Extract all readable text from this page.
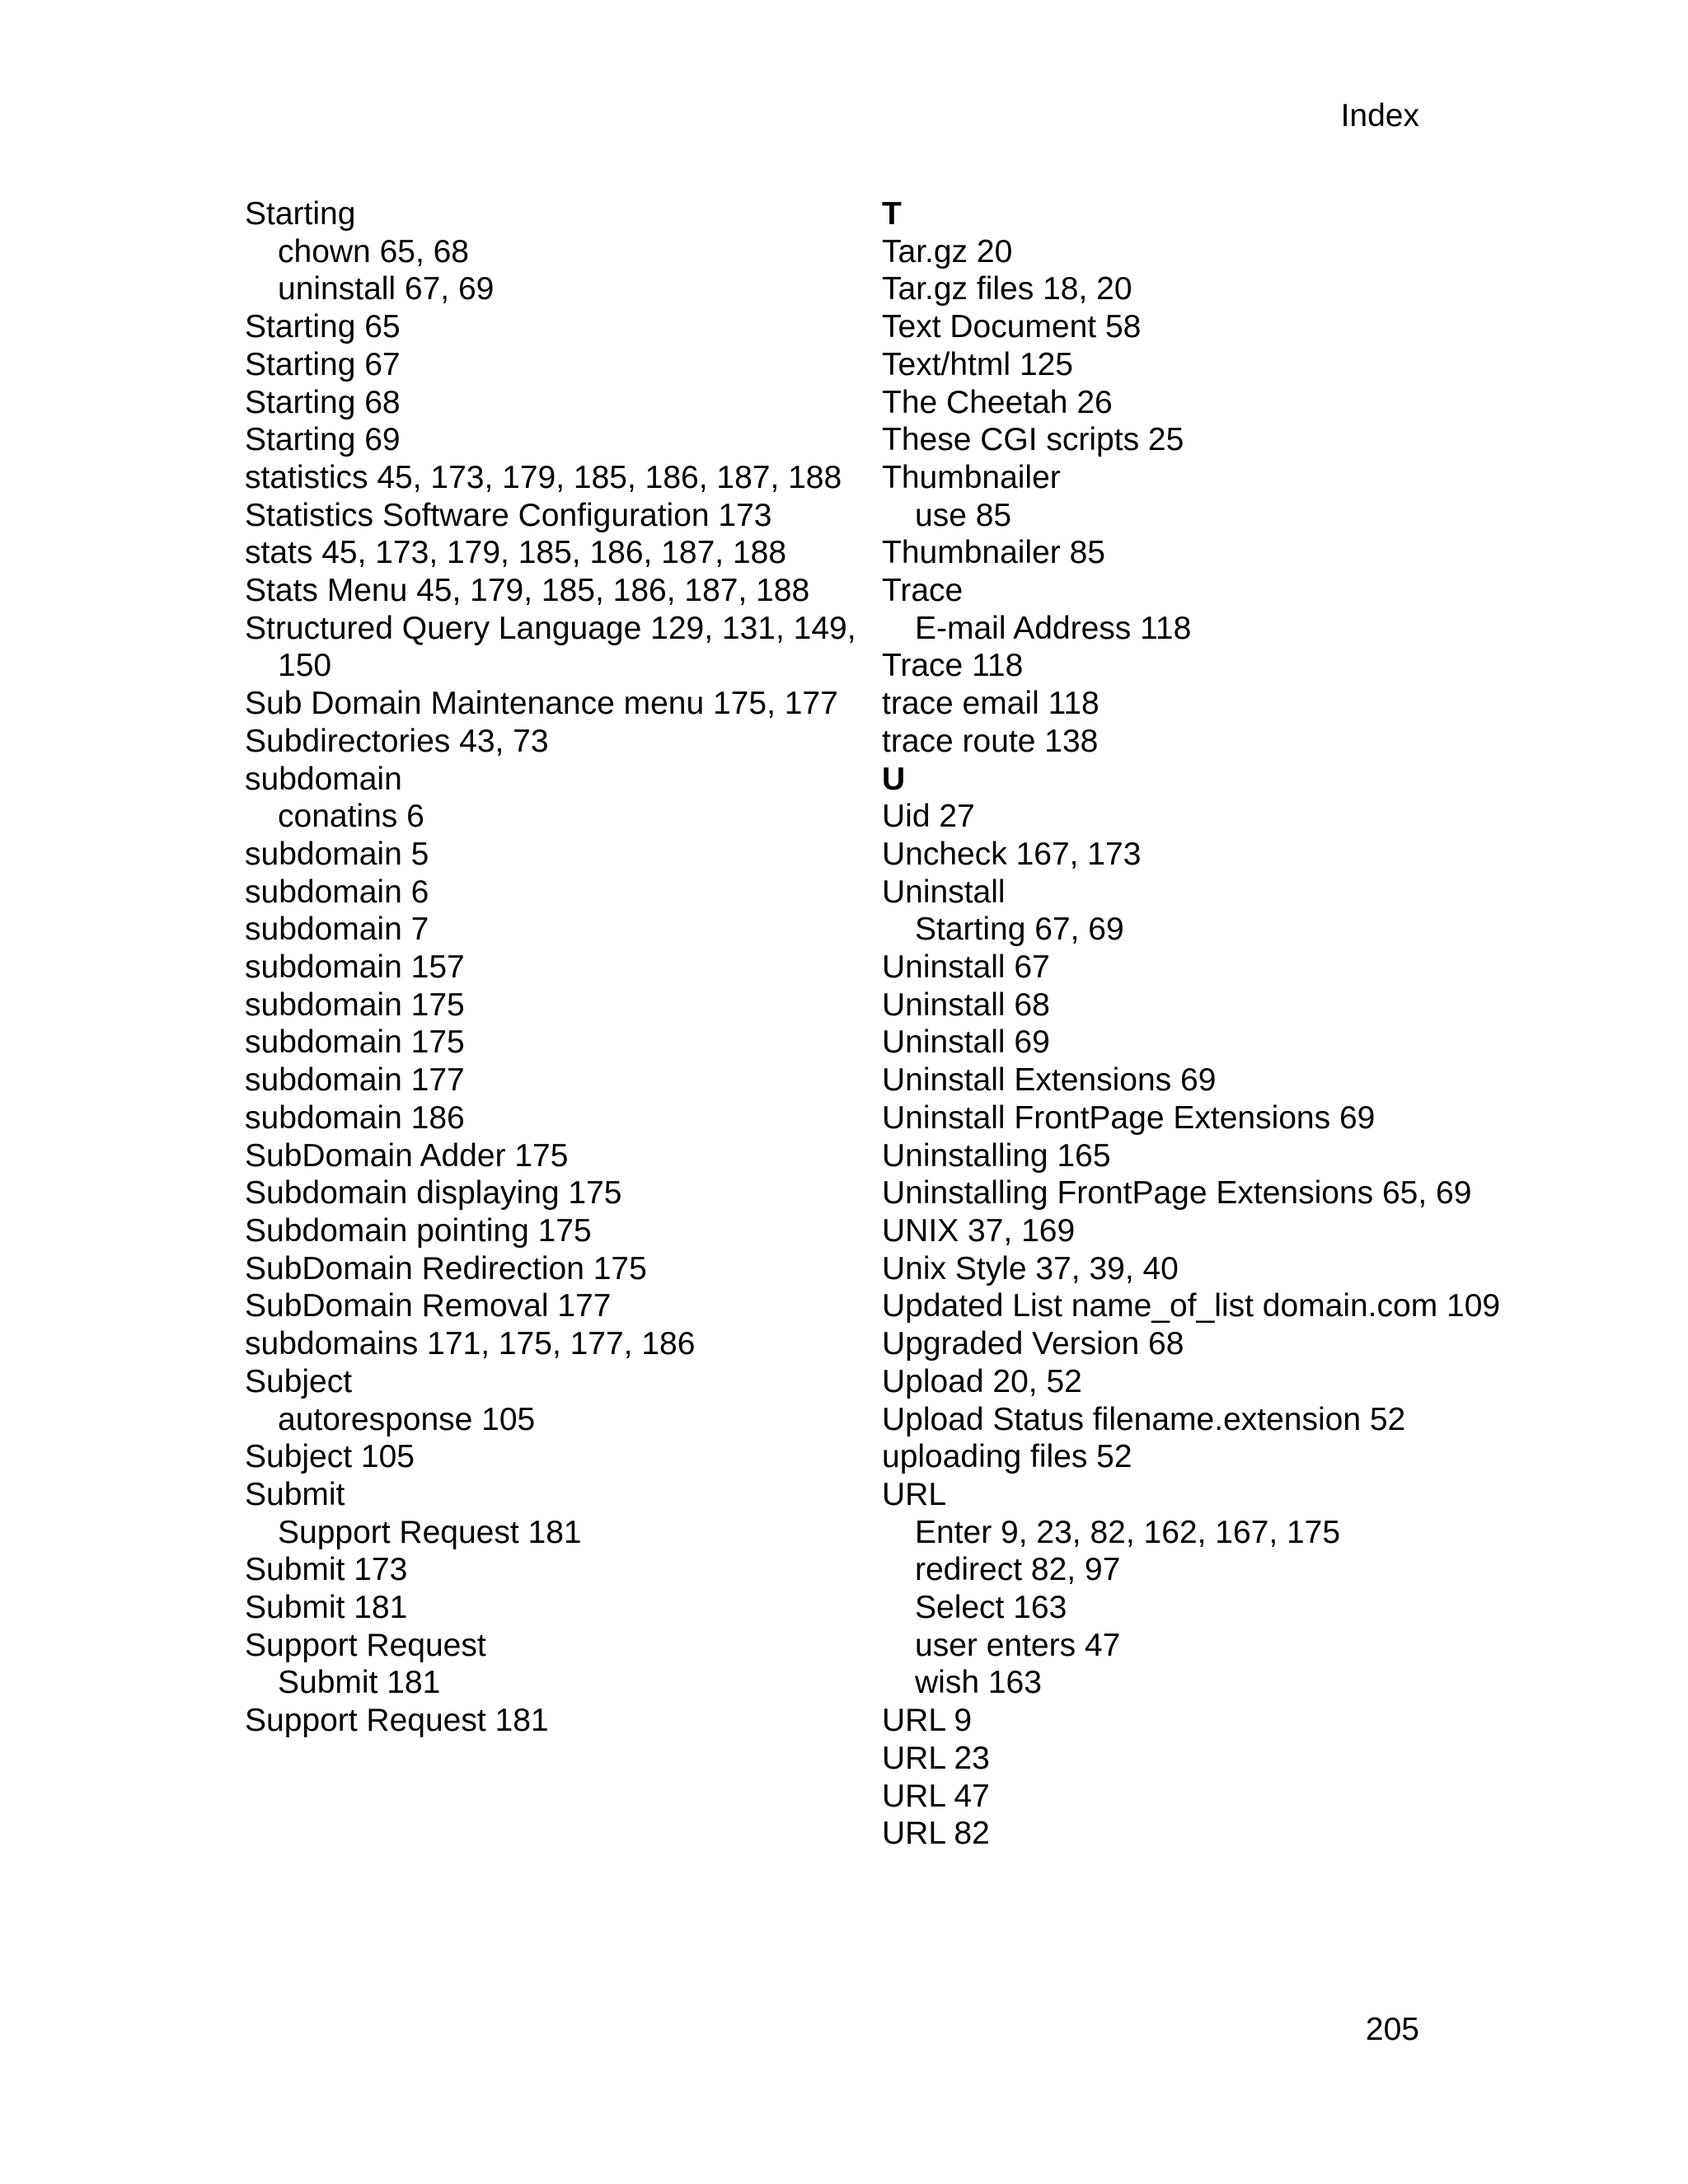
Index

Starting

chown 65, 68

uninstall 67, 69

Starting 65

Starting 67

Starting 68

Starting 69

statistics 45, 173, 179, 185, 186, 187, 188

Statistics Software Configuration 173

stats 45, 173, 179, 185, 186, 187, 188

Stats Menu 45, 179, 185, 186, 187, 188

Structured Query Language 129, 131, 149, 150

Sub Domain Maintenance menu 175, 177

Subdirectories 43, 73

subdomain

conatins 6

subdomain 5

subdomain 6

subdomain 7

subdomain 157

subdomain 175

subdomain 175

subdomain 177

subdomain 186

SubDomain Adder 175

Subdomain displaying 175

Subdomain pointing 175

SubDomain Redirection 175

SubDomain Removal 177

subdomains 171, 175, 177, 186

Subject

autoresponse 105

Subject 105

Submit

Support Request 181

Submit 173

Submit 181

Support Request

Submit 181

Support Request 181

T

Tar.gz 20

Tar.gz files 18, 20

Text Document 58

Text/html 125

The Cheetah 26

These CGI scripts 25

Thumbnailer

use 85

Thumbnailer 85

Trace

E-mail Address 118

Trace 118

trace email 118

trace route 138

U

Uid 27

Uncheck 167, 173

Uninstall

Starting 67, 69

Uninstall 67

Uninstall 68

Uninstall 69

Uninstall Extensions 69

Uninstall FrontPage Extensions 69

Uninstalling 165

Uninstalling FrontPage Extensions 65, 69

UNIX 37, 169

Unix Style 37, 39, 40

Updated List name_of_list domain.com 109

Upgraded Version 68

Upload 20, 52

Upload Status filename.extension 52

uploading files 52

URL

Enter 9, 23, 82, 162, 167, 175

redirect 82, 97

Select 163

user enters 47

wish 163

URL 9

URL 23

URL 47

URL 82

205
